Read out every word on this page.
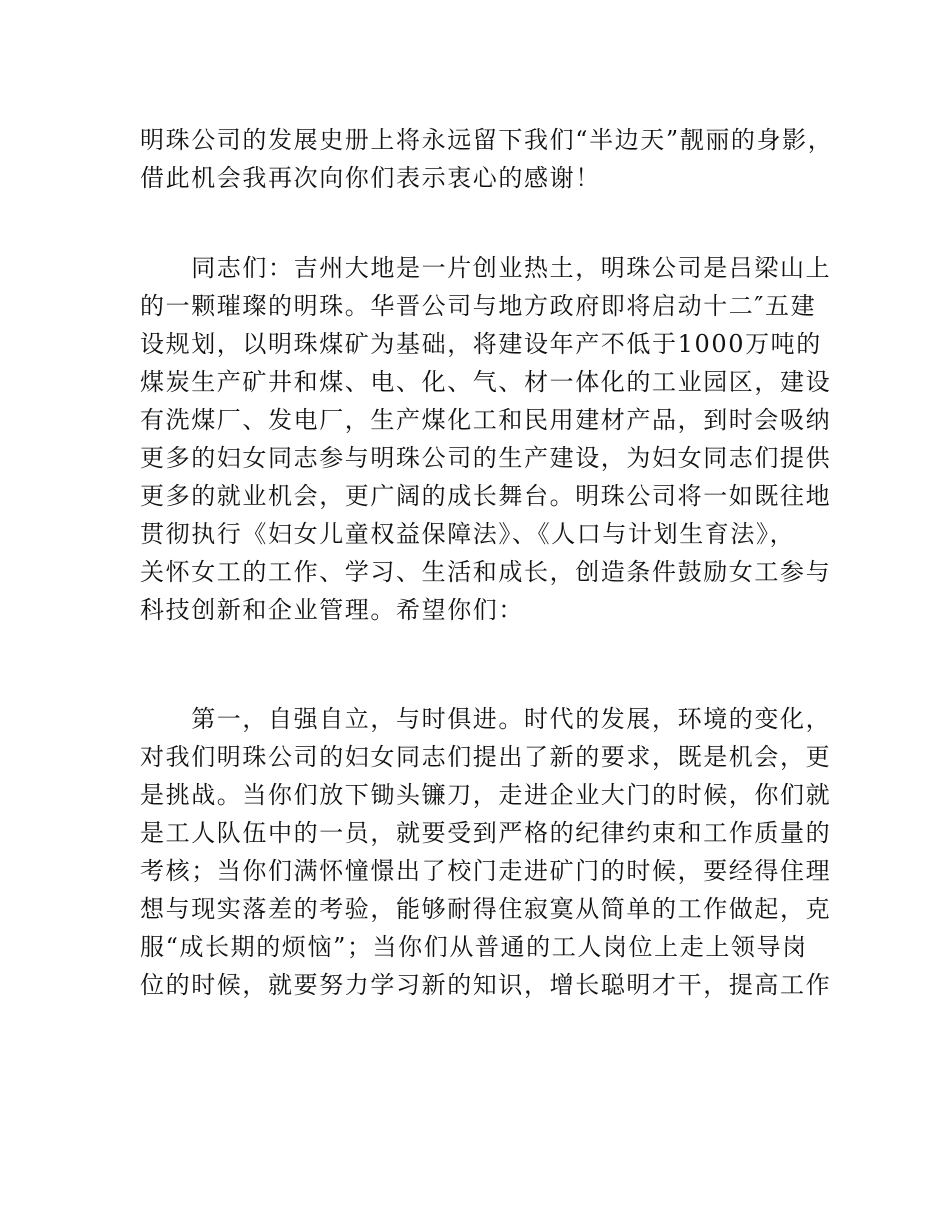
明珠公司的发展史册上将永远留下我们“半边天”靓丽的身影，
借此机会我再次向你们表示衷心的感谢！
　　同志们：吉州大地是一片创业热土，明珠公司是吕梁山上
的一颗璀璨的明珠。华晋公司与地方政府即将启动十二″五建
设规划，以明珠煤矿为基础，将建设年产不低于1000万吨的
煤炭生产矿井和煤、电、化、气、材一体化的工业园区，建设
有洗煤厂、发电厂，生产煤化工和民用建材产品，到时会吸纳
更多的妇女同志参与明珠公司的生产建设，为妇女同志们提供
更多的就业机会，更广阔的成长舞台。明珠公司将一如既往地
贯彻执行《妇女儿童权益保障法》、《人口与计划生育法》，
关怀女工的工作、学习、生活和成长，创造条件鼓励女工参与
科技创新和企业管理。希望你们：
　　第一，自强自立，与时俱进。时代的发展，环境的变化，
对我们明珠公司的妇女同志们提出了新的要求，既是机会，更
是挑战。当你们放下锄头镰刀，走进企业大门的时候，你们就
是工人队伍中的一员，就要受到严格的纪律约束和工作质量的
考核；当你们满怀憧憬出了校门走进矿门的时候，要经得住理
想与现实落差的考验，能够耐得住寂寞从简单的工作做起，克
服“成长期的烦恼”；当你们从普通的工人岗位上走上领导岗
位的时候，就要努力学习新的知识，增长聪明才干，提高工作
